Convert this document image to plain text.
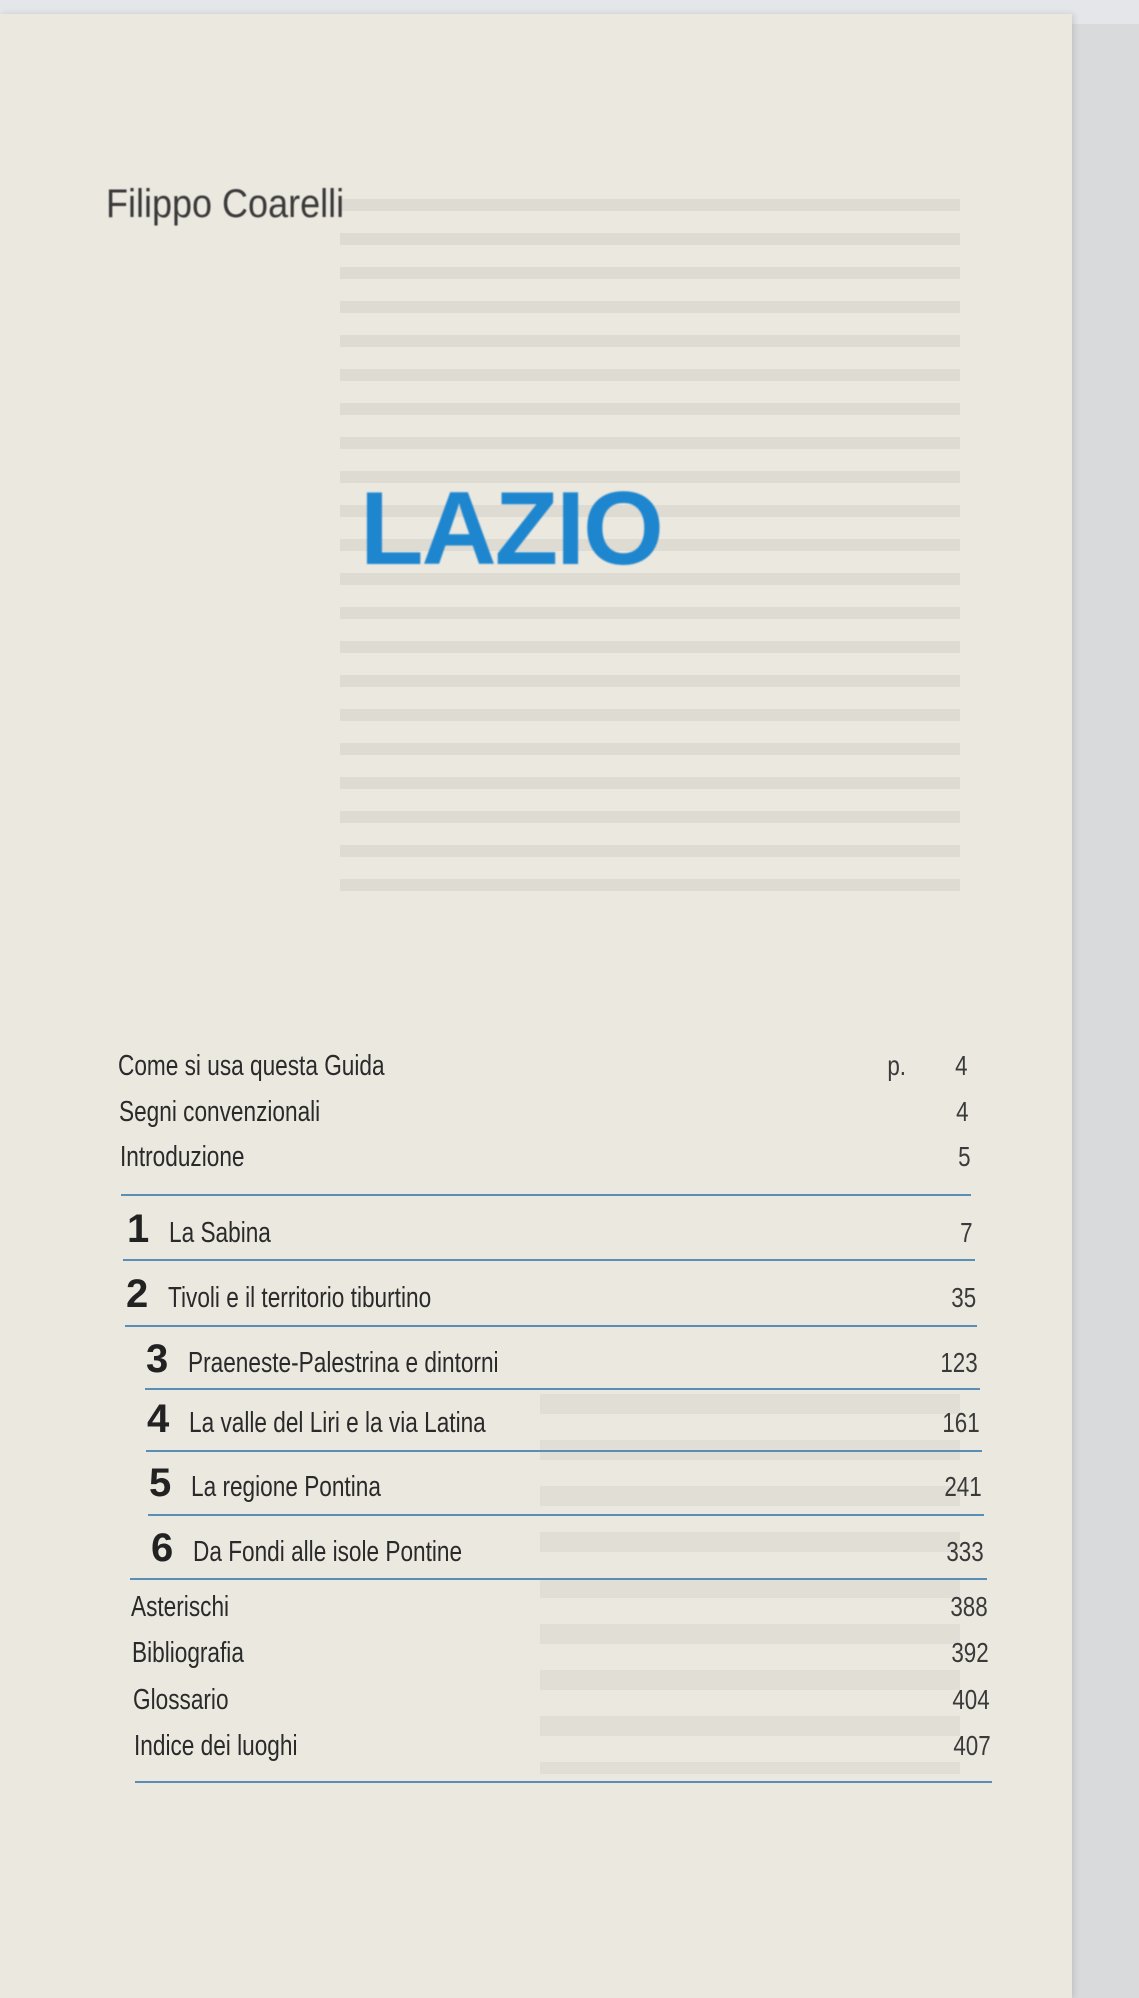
Filippo Coarelli
LAZIO
Come si usa questa Guida	p. 4
Segni convenzionali	4
Introduzione	5
1 La Sabina	7
2 Tivoli e il territorio tiburtino	35
3 Praeneste-Palestrina e dintorni	123
4 La valle del Liri e la via Latina	161
5 La regione Pontina	241
6 Da Fondi alle isole Pontine	333
Asterischi	388
Bibliografia	392
Glossario	404
Indice dei luoghi	407
